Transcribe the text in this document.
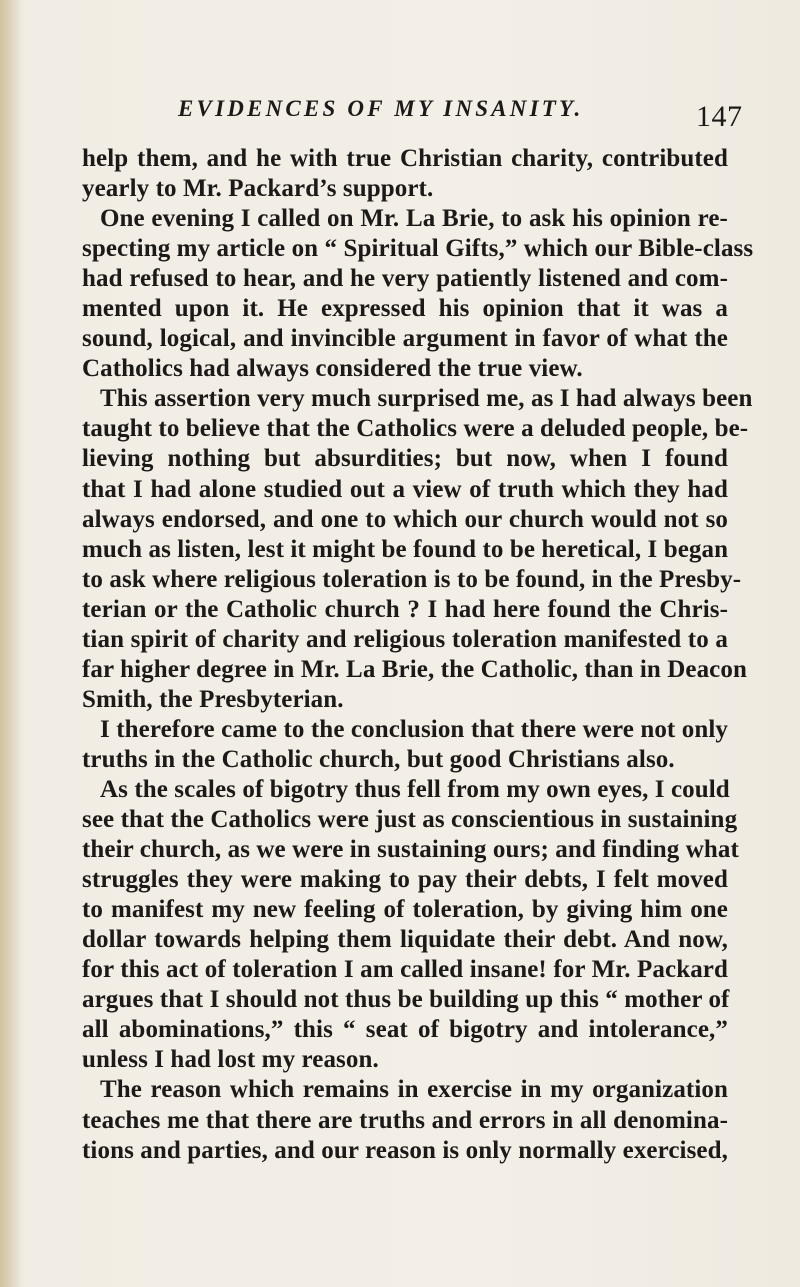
EVIDENCES OF MY INSANITY.	147
help them, and he with true Christian charity, contributed
yearly to Mr. Packard’s support.
One evening I called on Mr. La Brie, to ask his opinion re-
specting my article on “ Spiritual Gifts,” which our Bible-class
had refused to hear, and he very patiently listened and com-
mented upon it. He expressed his opinion that it was a
sound, logical, and invincible argument in favor of what the
Catholics had always considered the true view.
This assertion very much surprised me, as I had always been
taught to believe that the Catholics were a deluded people, be-
lieving nothing but absurdities; but now, when I found
that I had alone studied out a view of truth which they had
always endorsed, and one to which our church would not so
much as listen, lest it might be found to be heretical, I began
to ask where religious toleration is to be found, in the Presby-
terian or the Catholic church ? I had here found the Chris-
tian spirit of charity and religious toleration manifested to a
far higher degree in Mr. La Brie, the Catholic, than in Deacon
Smith, the Presbyterian.
I therefore came to the conclusion that there were not only
truths in the Catholic church, but good Christians also.
As the scales of bigotry thus fell from my own eyes, I could
see that the Catholics were just as conscientious in sustaining
their church, as we were in sustaining ours; and finding what
struggles they were making to pay their debts, I felt moved
to manifest my new feeling of toleration, by giving him one
dollar towards helping them liquidate their debt. And now,
for this act of toleration I am called insane! for Mr. Packard
argues that I should not thus be building up this “ mother of
all abominations,” this “ seat of bigotry and intolerance,”
unless I had lost my reason.
The reason which remains in exercise in my organization
teaches me that there are truths and errors in all denomina-
tions and parties, and our reason is only normally exercised,
